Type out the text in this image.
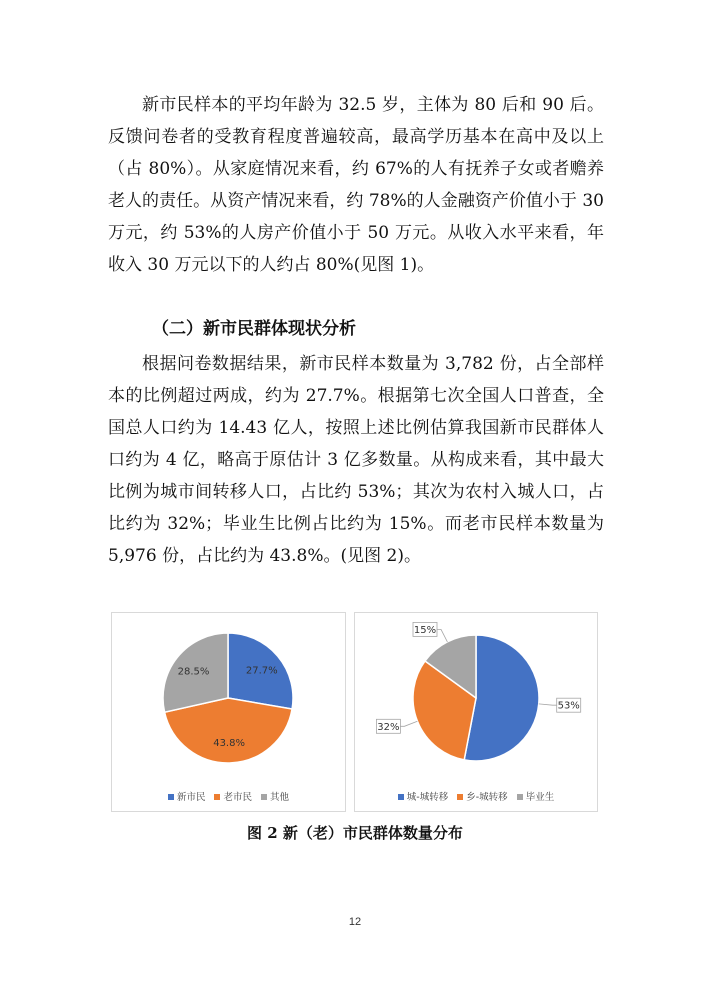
新市民样本的平均年龄为 32.5 岁，主体为 80 后和 90 后。反馈问卷者的受教育程度普遍较高，最高学历基本在高中及以上（占 80%）。从家庭情况来看，约 67%的人有抚养子女或者赡养老人的责任。从资产情况来看，约 78%的人金融资产价值小于 30 万元，约 53%的人房产价值小于 50 万元。从收入水平来看，年收入 30 万元以下的人约占 80%(见图 1)。

（二）新市民群体现状分析

根据问卷数据结果，新市民样本数量为 3,782 份，占全部样本的比例超过两成，约为 27.7%。根据第七次全国人口普查，全国总人口约为 14.43 亿人，按照上述比例估算我国新市民群体人口约为 4 亿，略高于原估计 3 亿多数量。从构成来看，其中最大比例为城市间转移人口，占比约 53%；其次为农村入城人口，占比约为 32%；毕业生比例占比约为 15%。而老市民样本数量为 5,976 份，占比约为 43.8%。(见图 2)。

27.7%
43.8%
28.5%
新市民 老市民 其他
53%
32%
15%
城-城转移 乡-城转移 毕业生

图 2 新（老）市民群体数量分布

12
